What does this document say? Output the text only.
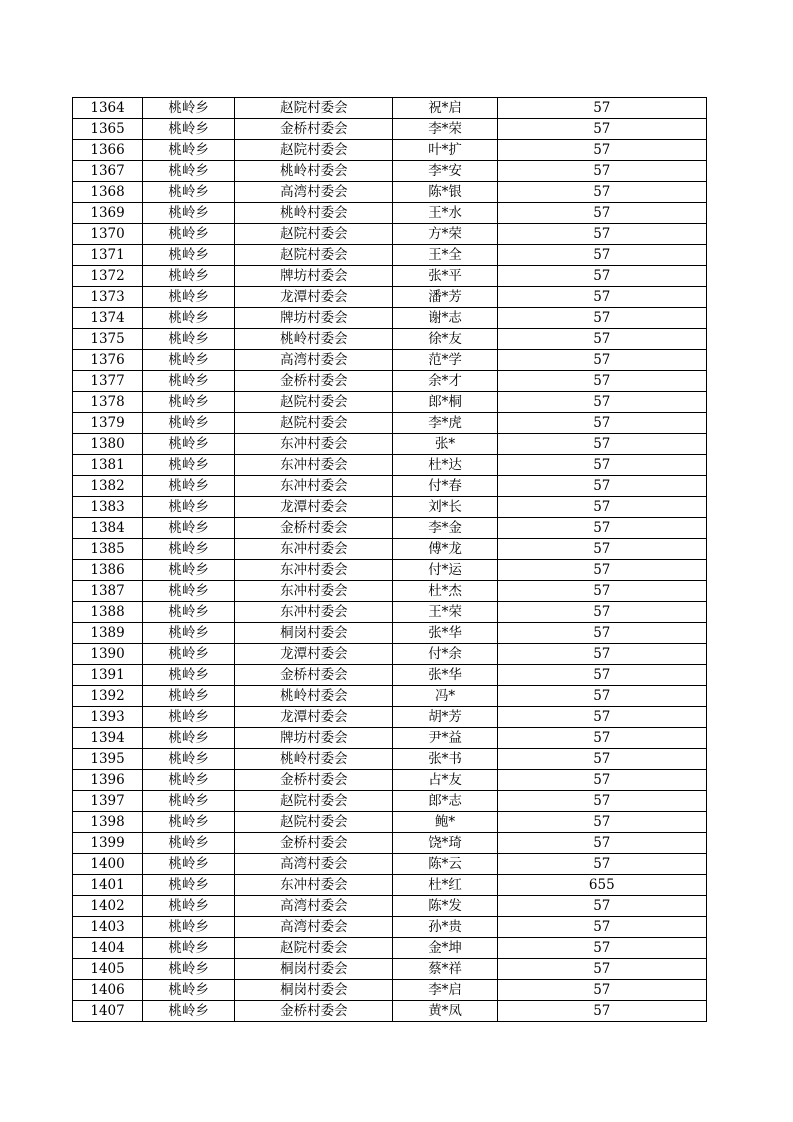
1364	桃岭乡	赵院村委会	祝*启	57
1365	桃岭乡	金桥村委会	李*荣	57
1366	桃岭乡	赵院村委会	叶*扩	57
1367	桃岭乡	桃岭村委会	李*安	57
1368	桃岭乡	高湾村委会	陈*银	57
1369	桃岭乡	桃岭村委会	王*水	57
1370	桃岭乡	赵院村委会	方*荣	57
1371	桃岭乡	赵院村委会	王*全	57
1372	桃岭乡	牌坊村委会	张*平	57
1373	桃岭乡	龙潭村委会	潘*芳	57
1374	桃岭乡	牌坊村委会	谢*志	57
1375	桃岭乡	桃岭村委会	徐*友	57
1376	桃岭乡	高湾村委会	范*学	57
1377	桃岭乡	金桥村委会	余*才	57
1378	桃岭乡	赵院村委会	郎*桐	57
1379	桃岭乡	赵院村委会	李*虎	57
1380	桃岭乡	东冲村委会	张*	57
1381	桃岭乡	东冲村委会	杜*达	57
1382	桃岭乡	东冲村委会	付*春	57
1383	桃岭乡	龙潭村委会	刘*长	57
1384	桃岭乡	金桥村委会	李*金	57
1385	桃岭乡	东冲村委会	傅*龙	57
1386	桃岭乡	东冲村委会	付*运	57
1387	桃岭乡	东冲村委会	杜*杰	57
1388	桃岭乡	东冲村委会	王*荣	57
1389	桃岭乡	桐岗村委会	张*华	57
1390	桃岭乡	龙潭村委会	付*余	57
1391	桃岭乡	金桥村委会	张*华	57
1392	桃岭乡	桃岭村委会	冯*	57
1393	桃岭乡	龙潭村委会	胡*芳	57
1394	桃岭乡	牌坊村委会	尹*益	57
1395	桃岭乡	桃岭村委会	张*书	57
1396	桃岭乡	金桥村委会	占*友	57
1397	桃岭乡	赵院村委会	郎*志	57
1398	桃岭乡	赵院村委会	鲍*	57
1399	桃岭乡	金桥村委会	饶*琦	57
1400	桃岭乡	高湾村委会	陈*云	57
1401	桃岭乡	东冲村委会	杜*红	655
1402	桃岭乡	高湾村委会	陈*发	57
1403	桃岭乡	高湾村委会	孙*贵	57
1404	桃岭乡	赵院村委会	金*坤	57
1405	桃岭乡	桐岗村委会	蔡*祥	57
1406	桃岭乡	桐岗村委会	李*启	57
1407	桃岭乡	金桥村委会	黄*凤	57
